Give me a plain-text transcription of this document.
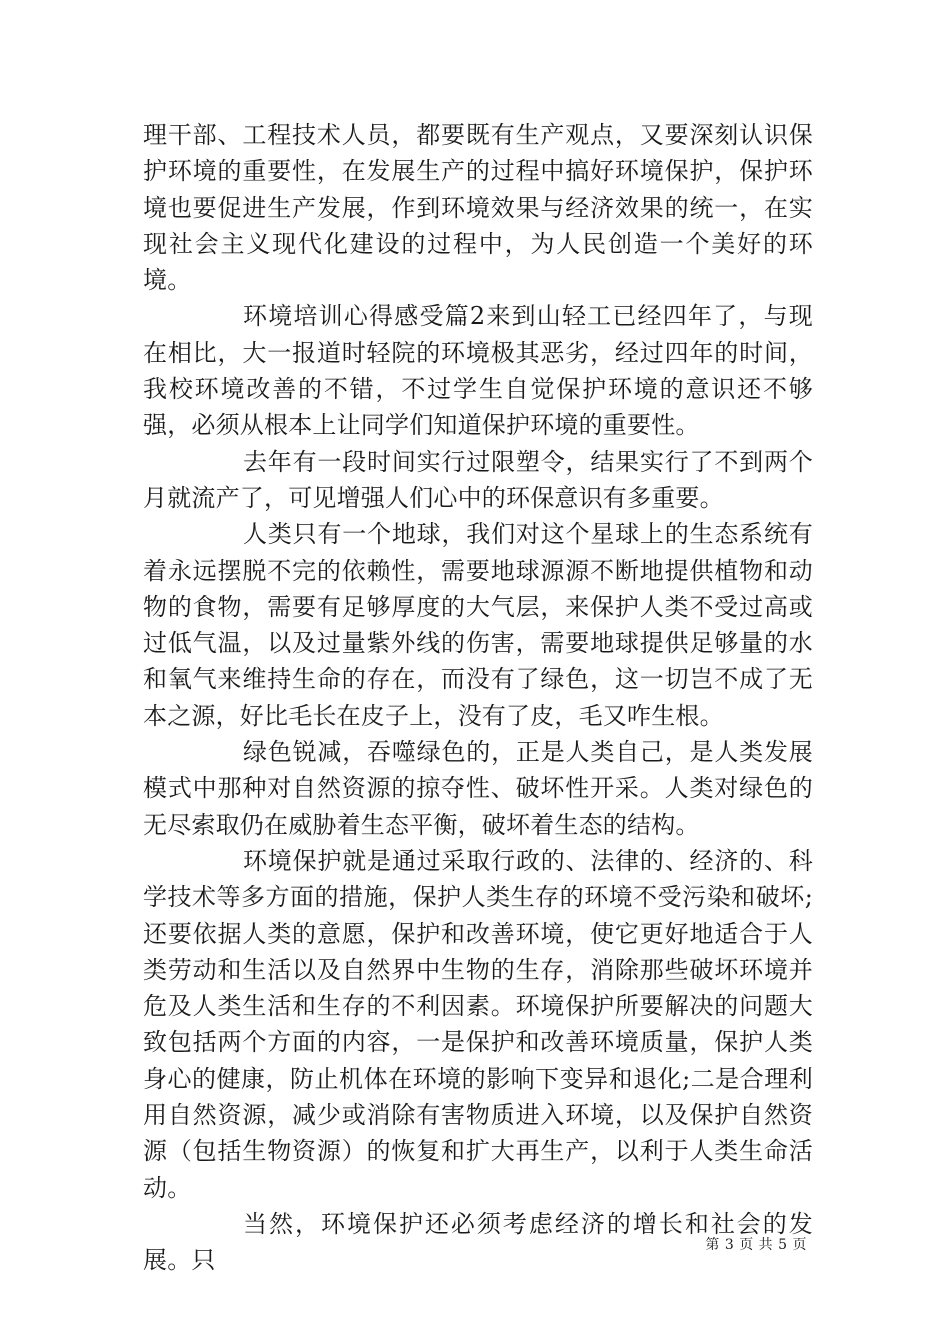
理干部、工程技术人员，都要既有生产观点，又要深刻认识保护环境的重要性，在发展生产的过程中搞好环境保护，保护环境也要促进生产发展，作到环境效果与经济效果的统一，在实现社会主义现代化建设的过程中，为人民创造一个美好的环境。

环境培训心得感受篇2来到山轻工已经四年了，与现在相比，大一报道时轻院的环境极其恶劣，经过四年的时间，我校环境改善的不错，不过学生自觉保护环境的意识还不够强，必须从根本上让同学们知道保护环境的重要性。

去年有一段时间实行过限塑令，结果实行了不到两个月就流产了，可见增强人们心中的环保意识有多重要。

人类只有一个地球，我们对这个星球上的生态系统有着永远摆脱不完的依赖性，需要地球源源不断地提供植物和动物的食物，需要有足够厚度的大气层，来保护人类不受过高或过低气温，以及过量紫外线的伤害，需要地球提供足够量的水和氧气来维持生命的存在，而没有了绿色，这一切岂不成了无本之源，好比毛长在皮子上，没有了皮，毛又咋生根。

绿色锐减，吞噬绿色的，正是人类自己，是人类发展模式中那种对自然资源的掠夺性、破坏性开采。人类对绿色的无尽索取仍在威胁着生态平衡，破坏着生态的结构。

环境保护就是通过采取行政的、法律的、经济的、科学技术等多方面的措施，保护人类生存的环境不受污染和破坏;还要依据人类的意愿，保护和改善环境，使它更好地适合于人类劳动和生活以及自然界中生物的生存，消除那些破坏环境并危及人类生活和生存的不利因素。环境保护所要解决的问题大致包括两个方面的内容，一是保护和改善环境质量，保护人类身心的健康，防止机体在环境的影响下变异和退化;二是合理利用自然资源，减少或消除有害物质进入环境，以及保护自然资源（包括生物资源）的恢复和扩大再生产，以利于人类生命活动。

当然，环境保护还必须考虑经济的增长和社会的发展。只

第 3 页 共 5 页
